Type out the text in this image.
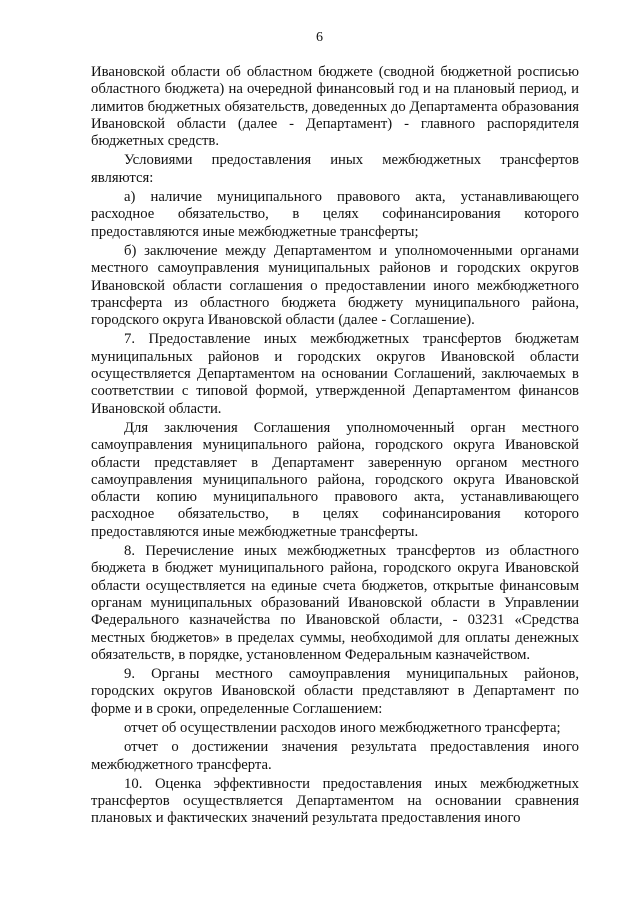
6

Ивановской области об областном бюджете (сводной бюджетной росписью областного бюджета) на очередной финансовый год и на плановый период, и лимитов бюджетных обязательств, доведенных до Департамента образования Ивановской области (далее - Департамент) - главного распорядителя бюджетных средств.

Условиями предоставления иных межбюджетных трансфертов являются:

а) наличие муниципального правового акта, устанавливающего расходное обязательство, в целях софинансирования которого предоставляются иные межбюджетные трансферты;

б) заключение между Департаментом и уполномоченными органами местного самоуправления муниципальных районов и городских округов Ивановской области соглашения о предоставлении иного межбюджетного трансферта из областного бюджета бюджету муниципального района, городского округа Ивановской области (далее - Соглашение).

7. Предоставление иных межбюджетных трансфертов бюджетам муниципальных районов и городских округов Ивановской области осуществляется Департаментом на основании Соглашений, заключаемых в соответствии с типовой формой, утвержденной Департаментом финансов Ивановской области.

Для заключения Соглашения уполномоченный орган местного самоуправления муниципального района, городского округа Ивановской области представляет в Департамент заверенную органом местного самоуправления муниципального района, городского округа Ивановской области копию муниципального правового акта, устанавливающего расходное обязательство, в целях софинансирования которого предоставляются иные межбюджетные трансферты.

8. Перечисление иных межбюджетных трансфертов из областного бюджета в бюджет муниципального района, городского округа Ивановской области осуществляется на единые счета бюджетов, открытые финансовым органам муниципальных образований Ивановской области в Управлении Федерального казначейства по Ивановской области, - 03231 «Средства местных бюджетов» в пределах суммы, необходимой для оплаты денежных обязательств, в порядке, установленном Федеральным казначейством.

9. Органы местного самоуправления муниципальных районов, городских округов Ивановской области представляют в Департамент по форме и в сроки, определенные Соглашением:

отчет об осуществлении расходов иного межбюджетного трансферта;

отчет о достижении значения результата предоставления иного межбюджетного трансферта.

10. Оценка эффективности предоставления иных межбюджетных трансфертов осуществляется Департаментом на основании сравнения плановых и фактических значений результата предоставления иного
